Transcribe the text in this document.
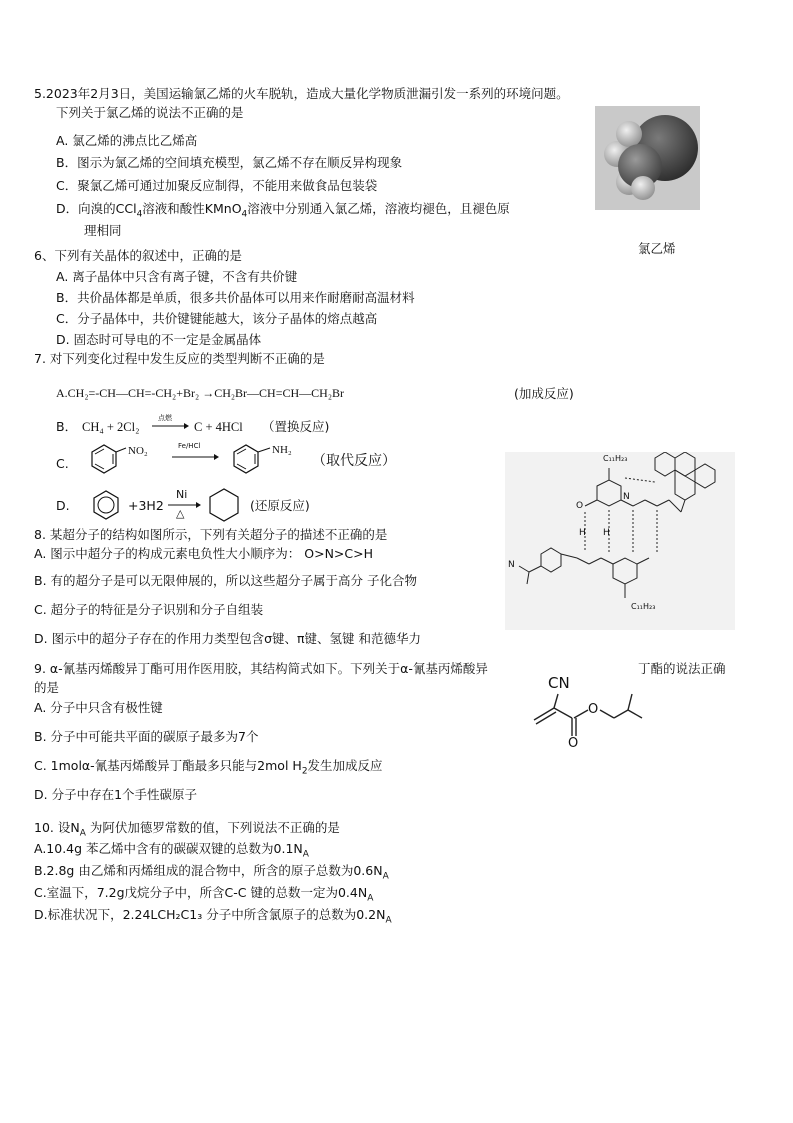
5.2023年2月3日，美国运输氯乙烯的火车脱轨，造成大量化学物质泄漏引发一系列的环境问题。
下列关于氯乙烯的说法不正确的是
A. 氯乙烯的沸点比乙烯高
B．图示为氯乙烯的空间填充模型，氯乙烯不存在顺反异构现象
C．聚氯乙烯可通过加聚反应制得，不能用来做食品包装袋
D．向溴的CCl$_4$溶液和酸性KMnO$_4$溶液中分别通入氯乙烯，溶液均褪色，且褪色原
理相同
氯乙烯
6、下列有关晶体的叙述中，正确的是
A. 离子晶体中只含有离子键，不含有共价键
B．共价晶体都是单质，很多共价晶体可以用来作耐磨耐高温材料
C．分子晶体中，共价键键能越大，该分子晶体的熔点越高
D. 固态时可导电的不一定是金属晶体
7. 对下列变化过程中发生反应的类型判断不正确的是
A.CH₂=-CH—CH=-CH₂+Br₂ →CH₂Br—CH=CH—CH₂Br	(加成反应)
B． CH₄ + 2Cl₂
点燃
C + 4HCl （置换反应)
C.
NO₂	Fe/HCl	NH₂
（取代反应）
D.	+3H2
Ni
△
(还原反应)
8. 某超分子的结构如图所示，下列有关超分子的描述不正确的是
A. 图示中超分子的构成元素电负性大小顺序为： O>N>C>H
B. 有的超分子是可以无限伸展的，所以这些超分子属于高分 子化合物
C. 超分子的特征是分子识别和分子自组装
D. 图示中的超分子存在的作用力类型包含σ键、π键、氢键 和范德华力
C₁₁H₂₃
C₁₁H₂₃
O
H H
N
N
9. α-氰基丙烯酸异丁酯可用作医用胶，其结构简式如下。下列关于α-氰基丙烯酸异	丁酯的说法正确
的是
A. 分子中只含有极性键
B. 分子中可能共平面的碳原子最多为7个
C. 1molα-氰基丙烯酸异丁酯最多只能与2mol $H_2$发生加成反应
D. 分子中存在1个手性碳原子
CN
O
O
10. 设$N_A$ 为阿伏加德罗常数的值，下列说法不正确的是
A.10.4g 苯乙烯中含有的碳碳双键的总数为$0.1N_A$
B.2.8g 由乙烯和丙烯组成的混合物中，所含的原子总数为$0.6N_A$
C.室温下，7.2g戊烷分子中，所含C-C 键的总数一定为$0.4N_A$
D.标准状况下，2.24LCH₂C1₃ 分子中所含氯原子的总数为$0.2N_A$
